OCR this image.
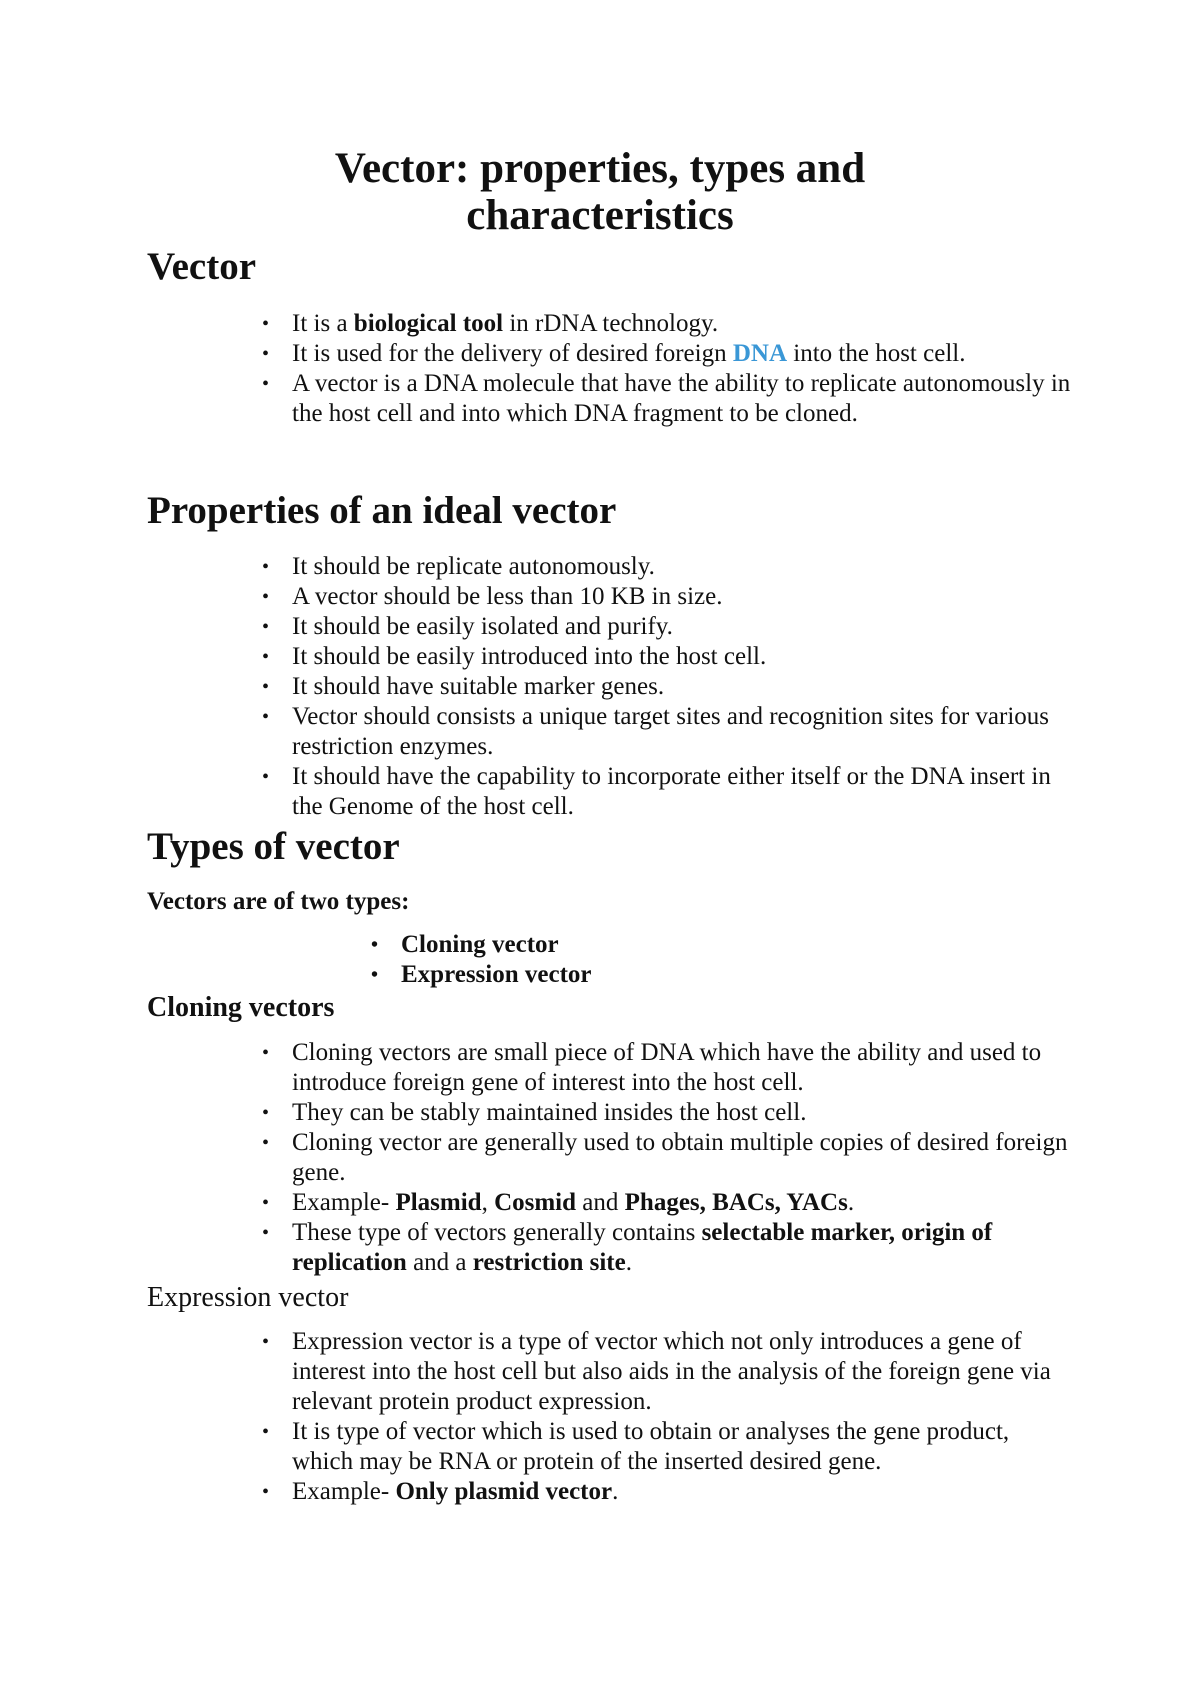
Vector: properties, types and
characteristics
Vector
• It is a biological tool in rDNA technology.
• It is used for the delivery of desired foreign DNA into the host cell.
• A vector is a DNA molecule that have the ability to replicate autonomously in the host cell and into which DNA fragment to be cloned.
Properties of an ideal vector
• It should be replicate autonomously.
• A vector should be less than 10 KB in size.
• It should be easily isolated and purify.
• It should be easily introduced into the host cell.
• It should have suitable marker genes.
• Vector should consists a unique target sites and recognition sites for various restriction enzymes.
• It should have the capability to incorporate either itself or the DNA insert in the Genome of the host cell.
Types of vector
Vectors are of two types:
• Cloning vector
• Expression vector
Cloning vectors
• Cloning vectors are small piece of DNA which have the ability and used to introduce foreign gene of interest into the host cell.
• They can be stably maintained insides the host cell.
• Cloning vector are generally used to obtain multiple copies of desired foreign gene.
• Example- Plasmid, Cosmid and Phages, BACs, YACs.
• These type of vectors generally contains selectable marker, origin of replication and a restriction site.
Expression vector
• Expression vector is a type of vector which not only introduces a gene of interest into the host cell but also aids in the analysis of the foreign gene via relevant protein product expression.
• It is type of vector which is used to obtain or analyses the gene product, which may be RNA or protein of the inserted desired gene.
• Example- Only plasmid vector.
